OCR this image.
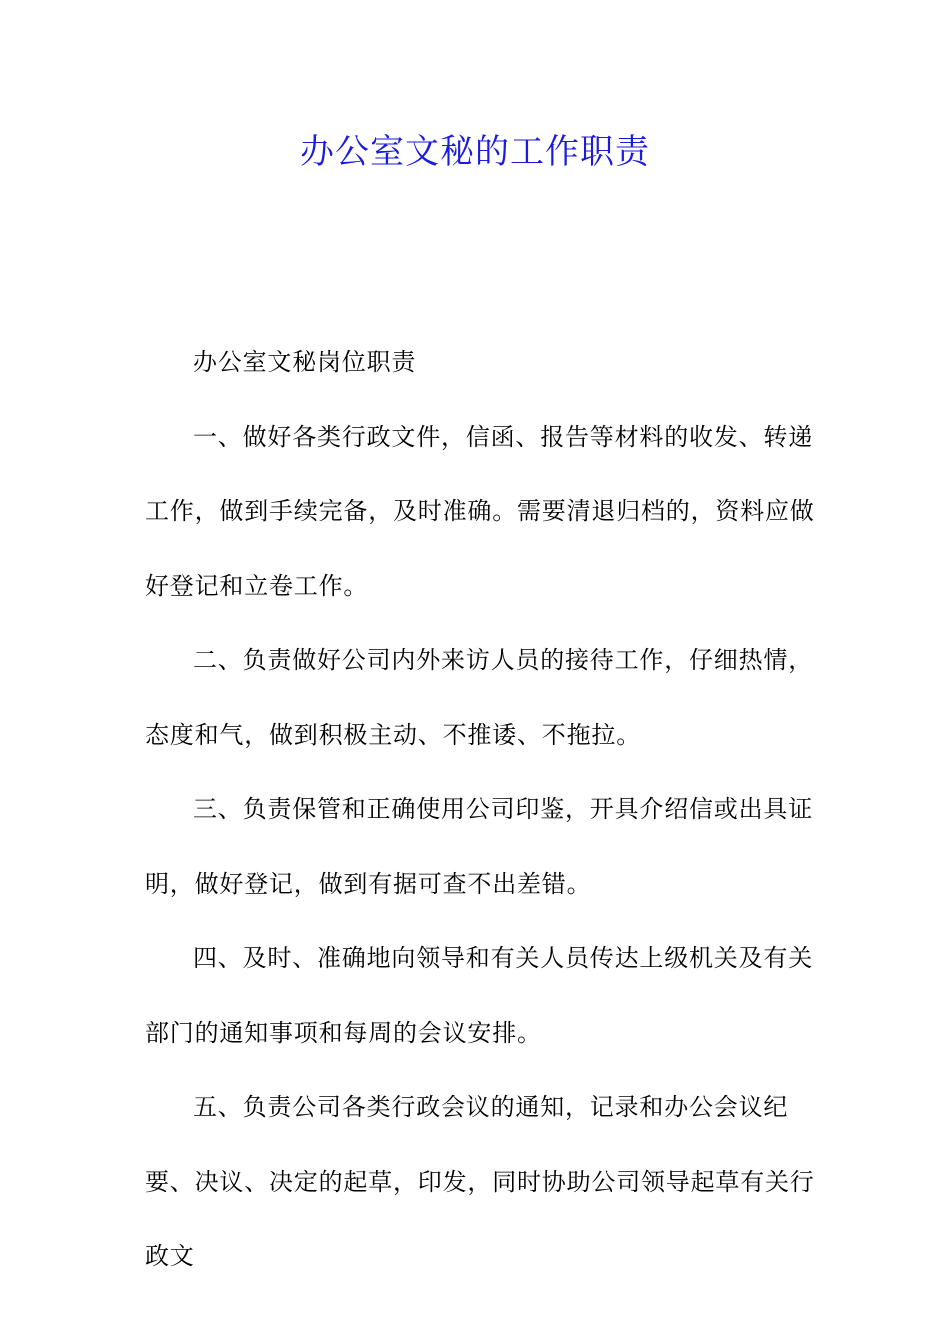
办公室文秘的工作职责

办公室文秘岗位职责

一、做好各类行政文件，信函、报告等材料的收发、转递工作，做到手续完备，及时准确。需要清退归档的，资料应做好登记和立卷工作。

二、负责做好公司内外来访人员的接待工作，仔细热情，态度和气，做到积极主动、不推诿、不拖拉。

三、负责保管和正确使用公司印鉴，开具介绍信或出具证明，做好登记，做到有据可查不出差错。

四、及时、准确地向领导和有关人员传达上级机关及有关部门的通知事项和每周的会议安排。

五、负责公司各类行政会议的通知，记录和办公会议纪要、决议、决定的起草，印发，同时协助公司领导起草有关行政文
